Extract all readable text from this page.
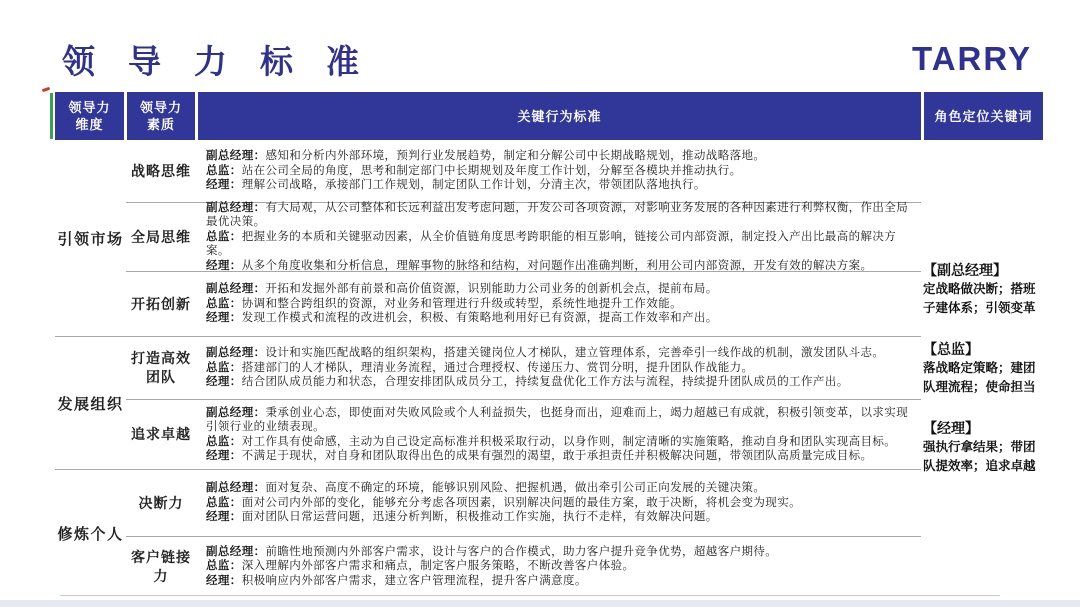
领导力标准	TARRY
领导力
维度
领导力
素质
关键行为标准	角色定位关键词
引领市场
发展组织
修炼个人
战略思维

副总经理：感知和分析内外部环境，预判行业发展趋势，制定和分解公司中长期战略规划，推动战略落地。

总监：站在公司全局的角度，思考和制定部门中长期规划及年度工作计划，分解至各模块并推动执行。

经理：理解公司战略，承接部门工作规划，制定团队工作计划，分清主次，带领团队落地执行。

全局思维

副总经理：有大局观，从公司整体和长远利益出发考虑问题，开发公司各项资源，对影响业务发展的各种因素进行利弊权衡，作出全局最优决策。

总监：把握业务的本质和关键驱动因素，从全价值链角度思考跨职能的相互影响，链接公司内部资源，制定投入产出比最高的解决方案。

经理：从多个角度收集和分析信息，理解事物的脉络和结构，对问题作出准确判断，利用公司内部资源，开发有效的解决方案。

开拓创新

副总经理：开拓和发掘外部有前景和高价值资源，识别能助力公司业务的创新机会点，提前布局。

总监：协调和整合跨组织的资源，对业务和管理进行升级或转型，系统性地提升工作效能。

经理：发现工作模式和流程的改进机会，积极、有策略地利用好已有资源，提高工作效率和产出。

打造高效团队

副总经理：设计和实施匹配战略的组织架构，搭建关键岗位人才梯队，建立管理体系，完善牵引一线作战的机制，激发团队斗志。

总监：搭建部门的人才梯队，理清业务流程，通过合理授权、传递压力、赏罚分明，提升团队作战能力。

经理：结合团队成员能力和状态，合理安排团队成员分工，持续复盘优化工作方法与流程，持续提升团队成员的工作产出。

追求卓越

副总经理：秉承创业心态，即使面对失败风险或个人利益损失，也挺身而出，迎难而上，竭力超越已有成就，积极引领变革，以求实现引领行业的业绩表现。

总监：对工作具有使命感，主动为自己设定高标准并积极采取行动，以身作则，制定清晰的实施策略，推动自身和团队实现高目标。

经理：不满足于现状，对自身和团队取得出色的成果有强烈的渴望，敢于承担责任并积极解决问题，带领团队高质量完成目标。

决断力

副总经理：面对复杂、高度不确定的环境，能够识别风险、把握机遇，做出牵引公司正向发展的关键决策。

总监：面对公司内外部的变化，能够充分考虑各项因素，识别解决问题的最佳方案，敢于决断，将机会变为现实。

经理：面对团队日常运营问题，迅速分析判断，积极推动工作实施，执行不走样，有效解决问题。

客户链接力

副总经理：前瞻性地预测内外部客户需求，设计与客户的合作模式，助力客户提升竞争优势，超越客户期待。

总监：深入理解内外部客户需求和痛点，制定客户服务策略，不断改善客户体验。

经理：积极响应内外部客户需求，建立客户管理流程，提升客户满意度。

【副总经理】
定战略做决断；搭班子建体系；引领变革
【总监】
落战略定策略；建团队理流程；使命担当
【经理】
强执行拿结果；带团队提效率；追求卓越
